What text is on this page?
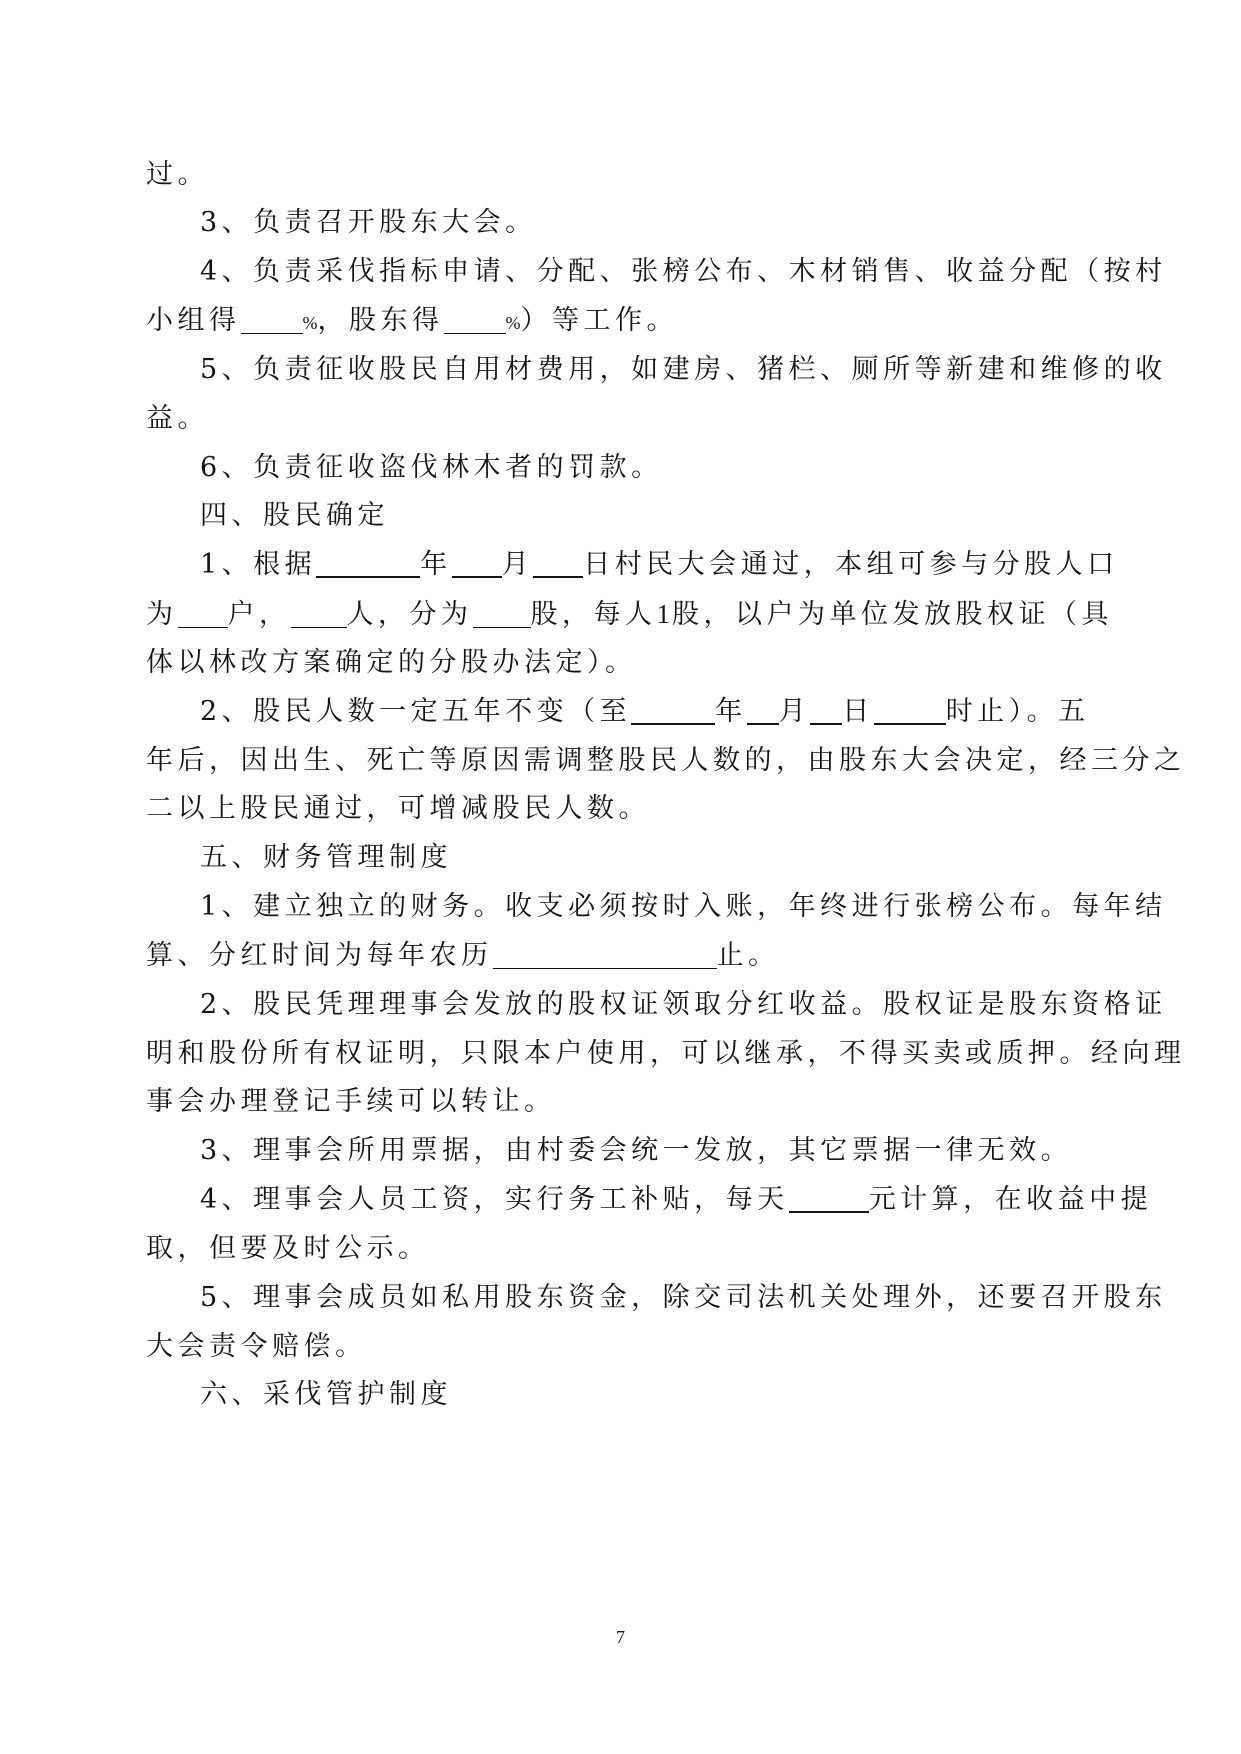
过。
3、负责召开股东大会。
4、负责采伐指标申请、分配、张榜公布、木材销售、收益分配（按村
小组得	%，股东得	%）等工作。
5、负责征收股民自用材费用，如建房、猪栏、厕所等新建和维修的收
益。
6、负责征收盗伐林木者的罚款。
四、股民确定
1、根据	年 月 日村民大会通过，本组可参与分股人口
为 户， 人，分为 股，每人1股，以户为单位发放股权证（具
体以林改方案确定的分股办法定）。
2、股民人数一定五年不变（至	年 月 日	时止）。五
年后，因出生、死亡等原因需调整股民人数的，由股东大会决定，经三分之
二以上股民通过，可增减股民人数。
五、财务管理制度
1、建立独立的财务。收支必须按时入账，年终进行张榜公布。每年结
算、分红时间为每年农历	止。
2、股民凭理理事会发放的股权证领取分红收益。股权证是股东资格证
明和股份所有权证明，只限本户使用，可以继承，不得买卖或质押。经向理
事会办理登记手续可以转让。
3、理事会所用票据，由村委会统一发放，其它票据一律无效。
4、理事会人员工资，实行务工补贴，每天	元计算，在收益中提
取，但要及时公示。
5、理事会成员如私用股东资金，除交司法机关处理外，还要召开股东
大会责令赔偿。
六、采伐管护制度
7
